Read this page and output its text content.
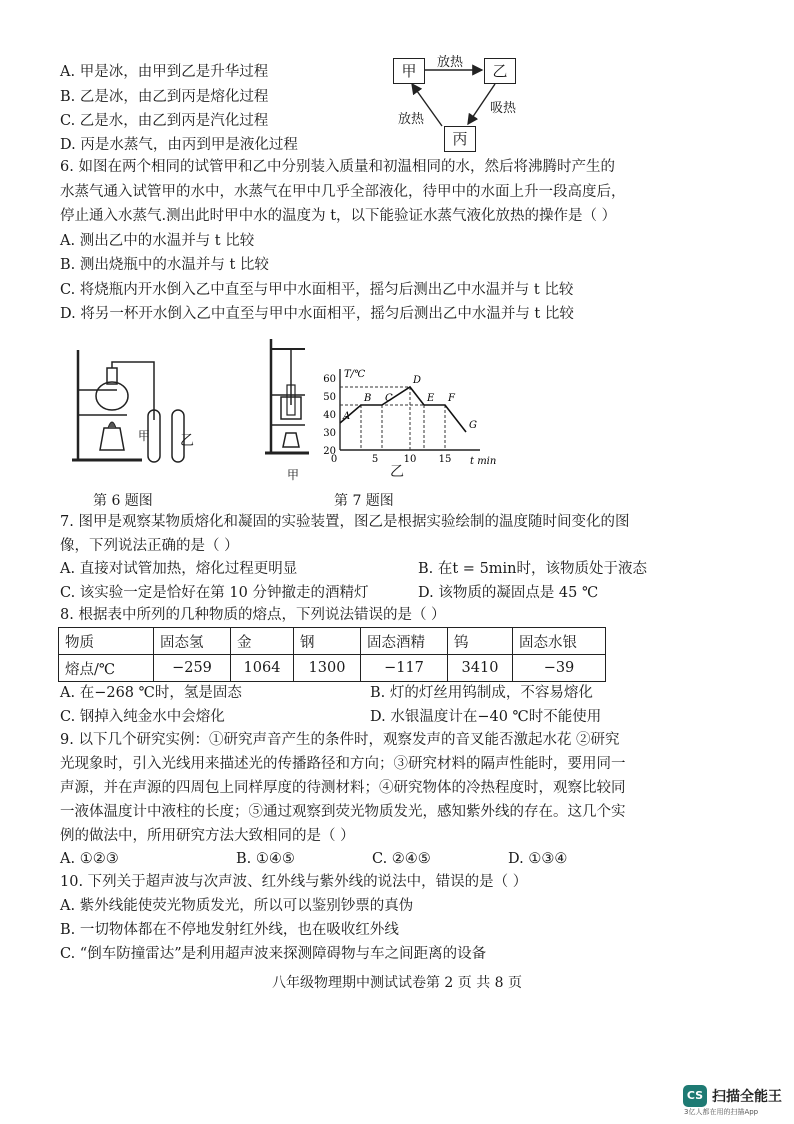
A. 甲是冰，由甲到乙是升华过程
B. 乙是冰，由乙到丙是熔化过程
C. 乙是水，由乙到丙是汽化过程
D. 丙是水蒸气，由丙到甲是液化过程
甲	乙
丙
放热
吸热
放热
6. 如图在两个相同的试管甲和乙中分别装入质量和初温相同的水，然后将沸腾时产生的
水蒸气通入试管甲的水中，水蒸气在甲中几乎全部液化，待甲中的水面上升一段高度后，
停止通入水蒸气.测出此时甲中水的温度为 t，以下能验证水蒸气液化放热的操作是（ ）
A. 测出乙中的水温并与 t 比较
B. 测出烧瓶中的水温并与 t 比较
C. 将烧瓶内开水倒入乙中直至与甲中水面相平，摇匀后测出乙中水温并与 t 比较
D. 将另一杯开水倒入乙中直至与甲中水面相平，摇匀后测出乙中水温并与 t 比较
甲 乙
第 6 题图
甲	乙
20
30
40
50
60
0	5	10 15
T/℃
t min
A
B C
D
E F
G
第 7 题图
7. 图甲是观察某物质熔化和凝固的实验装置，图乙是根据实验绘制的温度随时间变化的图
像，下列说法正确的是（ ）
A. 直接对试管加热，熔化过程更明显	B. 在t = 5min时，该物质处于液态
C. 该实验一定是恰好在第 10 分钟撤走的酒精灯	D. 该物质的凝固点是 45 ℃
8. 根据表中所列的几种物质的熔点，下列说法错误的是（ ）
物质	固态氢	金	钢	固态酒精	钨	固态水银
熔点/℃	−259	1064	1300	−117	3410	−39
A. 在−268 ℃时，氢是固态	B. 灯的灯丝用钨制成，不容易熔化
C. 钢掉入纯金水中会熔化	D. 水银温度计在−40 ℃时不能使用
9. 以下几个研究实例：①研究声音产生的条件时，观察发声的音叉能否激起水花 ②研究
光现象时，引入光线用来描述光的传播路径和方向；③研究材料的隔声性能时，要用同一
声源，并在声源的四周包上同样厚度的待测材料；④研究物体的冷热程度时，观察比较同
一液体温度计中液柱的长度；⑤通过观察到荧光物质发光，感知紫外线的存在。这几个实
例的做法中，所用研究方法大致相同的是（ ）
A. ①②③	B. ①④⑤	C. ②④⑤	D. ①③④
10. 下列关于超声波与次声波、红外线与紫外线的说法中，错误的是（ ）
A. 紫外线能使荧光物质发光，所以可以鉴别钞票的真伪
B. 一切物体都在不停地发射红外线，也在吸收红外线
C. “倒车防撞雷达”是利用超声波来探测障碍物与车之间距离的设备
八年级物理期中测试试卷第 2 页 共 8 页
CS 扫描全能王
3亿人都在用的扫描App
